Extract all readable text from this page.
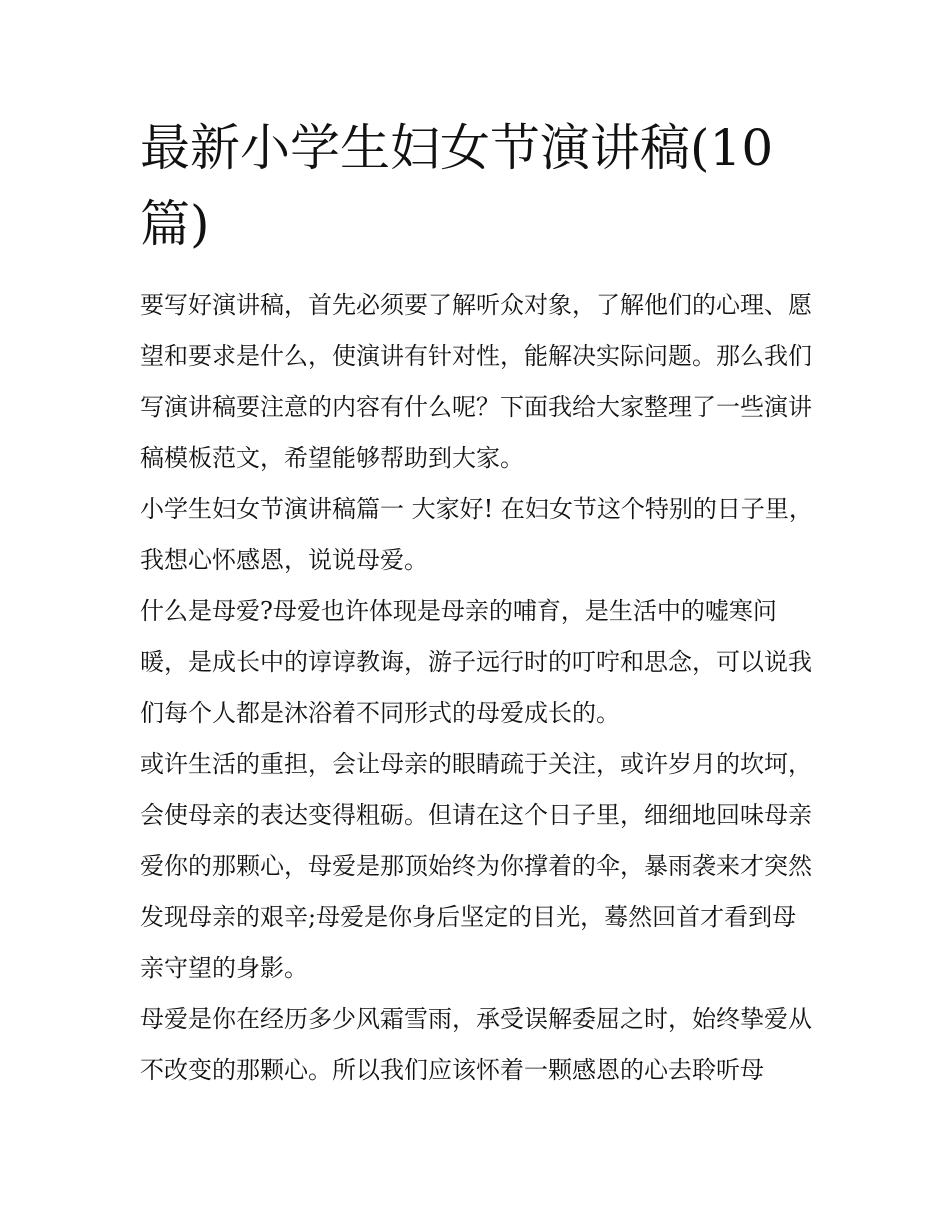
最新小学生妇女节演讲稿(10篇)

要写好演讲稿，首先必须要了解听众对象，了解他们的心理、愿望和要求是什么，使演讲有针对性，能解决实际问题。那么我们写演讲稿要注意的内容有什么呢？下面我给大家整理了一些演讲稿模板范文，希望能够帮助到大家。

小学生妇女节演讲稿篇一 大家好! 在妇女节这个特别的日子里，我想心怀感恩，说说母爱。

什么是母爱?母爱也许体现是母亲的哺育，是生活中的嘘寒问暖，是成长中的谆谆教诲，游子远行时的叮咛和思念，可以说我们每个人都是沐浴着不同形式的母爱成长的。

或许生活的重担，会让母亲的眼睛疏于关注，或许岁月的坎坷，会使母亲的表达变得粗砺。但请在这个日子里，细细地回味母亲爱你的那颗心，母爱是那顶始终为你撑着的伞，暴雨袭来才突然发现母亲的艰辛;母爱是你身后坚定的目光，蓦然回首才看到母亲守望的身影。

母爱是你在经历多少风霜雪雨，承受误解委屈之时，始终挚爱从不改变的那颗心。所以我们应该怀着一颗感恩的心去聆听母
